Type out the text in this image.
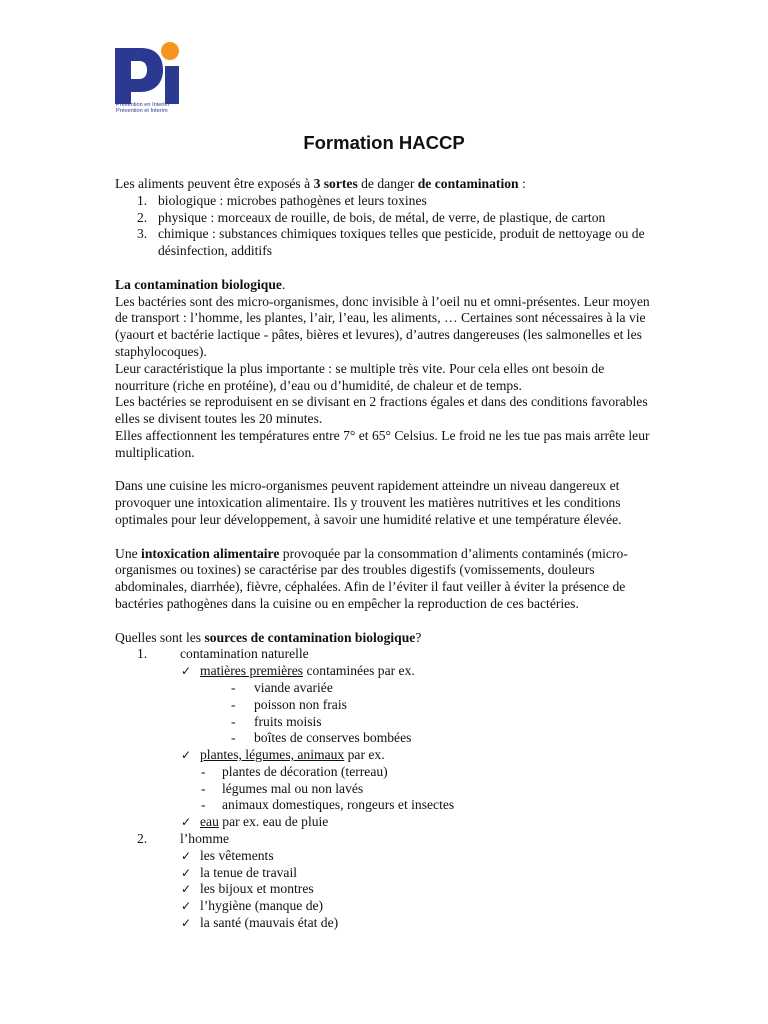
Prévention en Interim
Prévention et Interim
Formation HACCP

Les aliments peuvent être exposés à 3 sortes de danger de contamination :

1. biologique : microbes pathogènes et leurs toxines
2. physique : morceaux de rouille, de bois, de métal, de verre, de plastique, de carton
3. chimique : substances chimiques toxiques telles que pesticide, produit de nettoyage ou de désinfection, additifs

La contamination biologique.

Les bactéries sont des micro-organismes, donc invisible à l’oeil nu et omni-présentes. Leur moyen de transport : l’homme, les plantes, l’air, l’eau, les aliments, … Certaines sont nécessaires à la vie (yaourt et bactérie lactique - pâtes, bières et levures), d’autres dangereuses (les salmonelles et les staphylocoques).

Leur caractéristique la plus importante : se multiple très vite. Pour cela elles ont besoin de nourriture (riche en protéine), d’eau ou d’humidité, de chaleur et de temps.

Les bactéries se reproduisent en se divisant en 2 fractions égales et dans des conditions favorables elles se divisent toutes les 20 minutes.

Elles affectionnent les températures entre 7° et 65° Celsius. Le froid ne les tue pas mais arrête leur multiplication.

Dans une cuisine les micro-organismes peuvent rapidement atteindre un niveau dangereux et provoquer une intoxication alimentaire. Ils y trouvent les matières nutritives et les conditions optimales pour leur développement, à savoir une humidité relative et une température élevée.

Une intoxication alimentaire provoquée par la consommation d’aliments contaminés (micro-organismes ou toxines) se caractérise par des troubles digestifs (vomissements, douleurs abdominales, diarrhée), fièvre, céphalées. Afin de l’éviter il faut veiller à éviter la présence de bactéries pathogènes dans la cuisine ou en empêcher la reproduction de ces bactéries.

Quelles sont les sources de contamination biologique?

1. contamination naturelle
✓ matières premières contaminées par ex.
- viande avariée
- poisson non frais
- fruits moisis
- boîtes de conserves bombées
✓ plantes, légumes, animaux par ex.
- plantes de décoration (terreau)
- légumes mal ou non lavés
- animaux domestiques, rongeurs et insectes
✓ eau par ex. eau de pluie
2. l’homme
✓ les vêtements
✓ la tenue de travail
✓ les bijoux et montres
✓ l’hygiène (manque de)
✓ la santé (mauvais état de)
